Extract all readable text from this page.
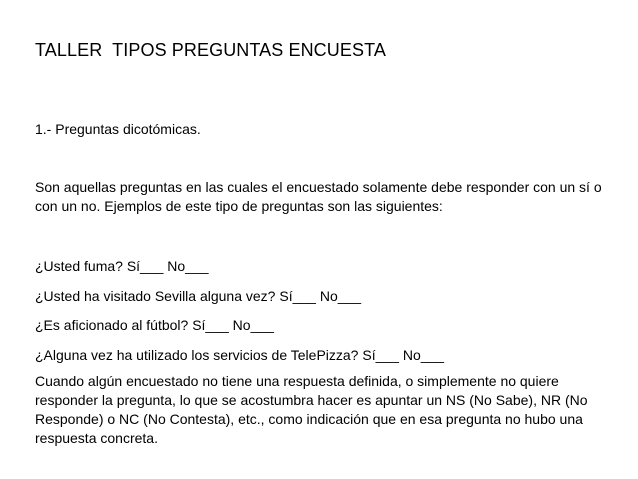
TALLER  TIPOS PREGUNTAS ENCUESTA
1.- Preguntas dicotómicas.

Son aquellas preguntas en las cuales el encuestado solamente debe responder con un sí o con un no. Ejemplos de este tipo de preguntas son las siguientes:

¿Usted fuma? Sí___ No___
¿Usted ha visitado Sevilla alguna vez? Sí___ No___
¿Es aficionado al fútbol? Sí___ No___
¿Alguna vez ha utilizado los servicios de TelePizza? Sí___ No___

Cuando algún encuestado no tiene una respuesta definida, o simplemente no quiere responder la pregunta, lo que se acostumbra hacer es apuntar un NS (No Sabe), NR (No Responde) o NC (No Contesta), etc., como indicación que en esa pregunta no hubo una respuesta concreta.
